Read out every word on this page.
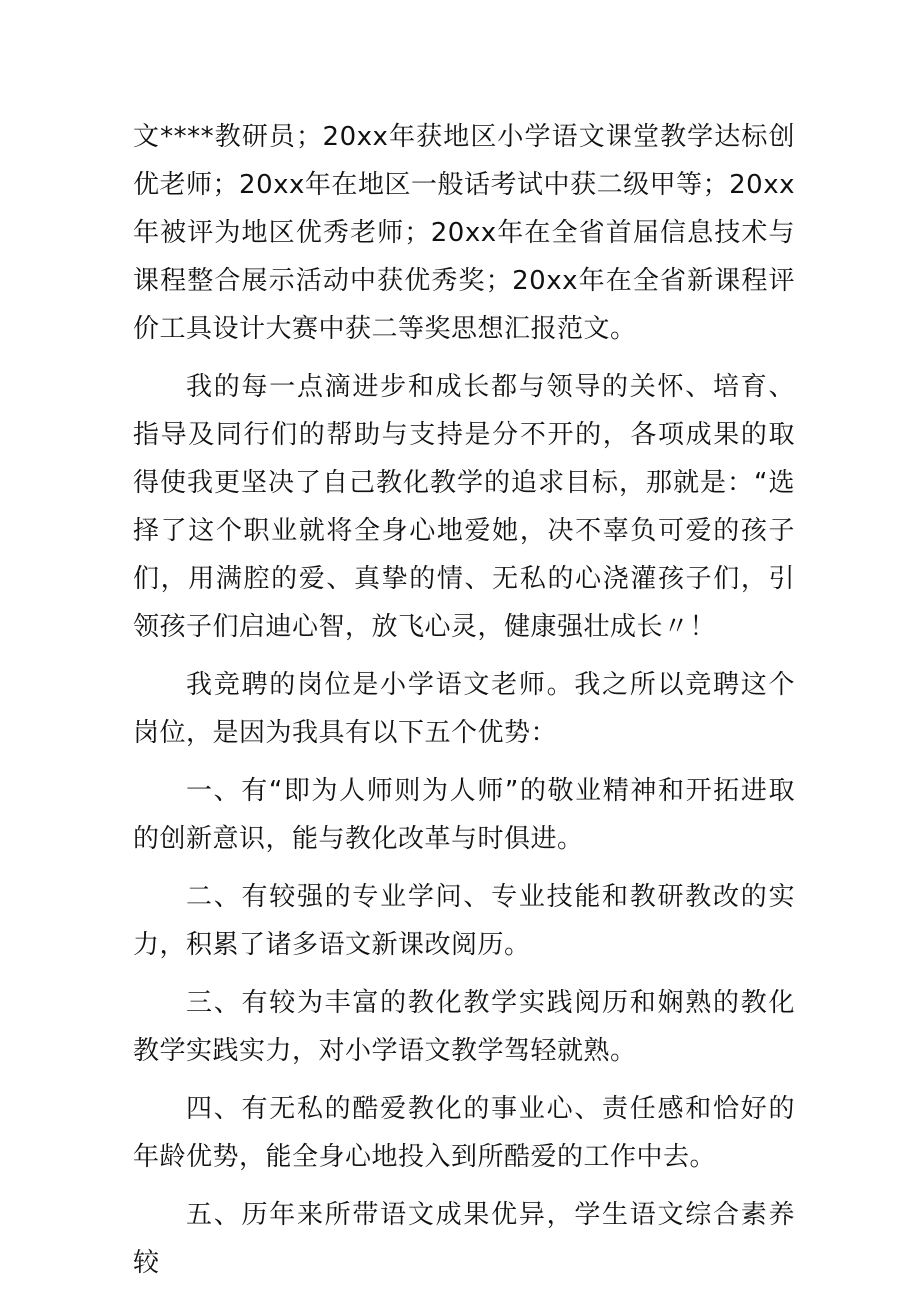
文****教研员；20xx年获地区小学语文课堂教学达标创优老师；20xx年在地区一般话考试中获二级甲等；20xx年被评为地区优秀老师；20xx年在全省首届信息技术与课程整合展示活动中获优秀奖；20xx年在全省新课程评价工具设计大赛中获二等奖思想汇报范文。

我的每一点滴进步和成长都与领导的关怀、培育、指导及同行们的帮助与支持是分不开的，各项成果的取得使我更坚决了自己教化教学的追求目标，那就是：“选择了这个职业就将全身心地爱她，决不辜负可爱的孩子们，用满腔的爱、真挚的情、无私的心浇灌孩子们，引领孩子们启迪心智，放飞心灵，健康强壮成长〃！

我竞聘的岗位是小学语文老师。我之所以竞聘这个岗位，是因为我具有以下五个优势：

一、有“即为人师则为人师”的敬业精神和开拓进取的创新意识，能与教化改革与时俱进。

二、有较强的专业学问、专业技能和教研教改的实力，积累了诸多语文新课改阅历。

三、有较为丰富的教化教学实践阅历和娴熟的教化教学实践实力，对小学语文教学驾轻就熟。

四、有无私的酷爱教化的事业心、责任感和恰好的年龄优势，能全身心地投入到所酷爱的工作中去。

五、历年来所带语文成果优异，学生语文综合素养较
